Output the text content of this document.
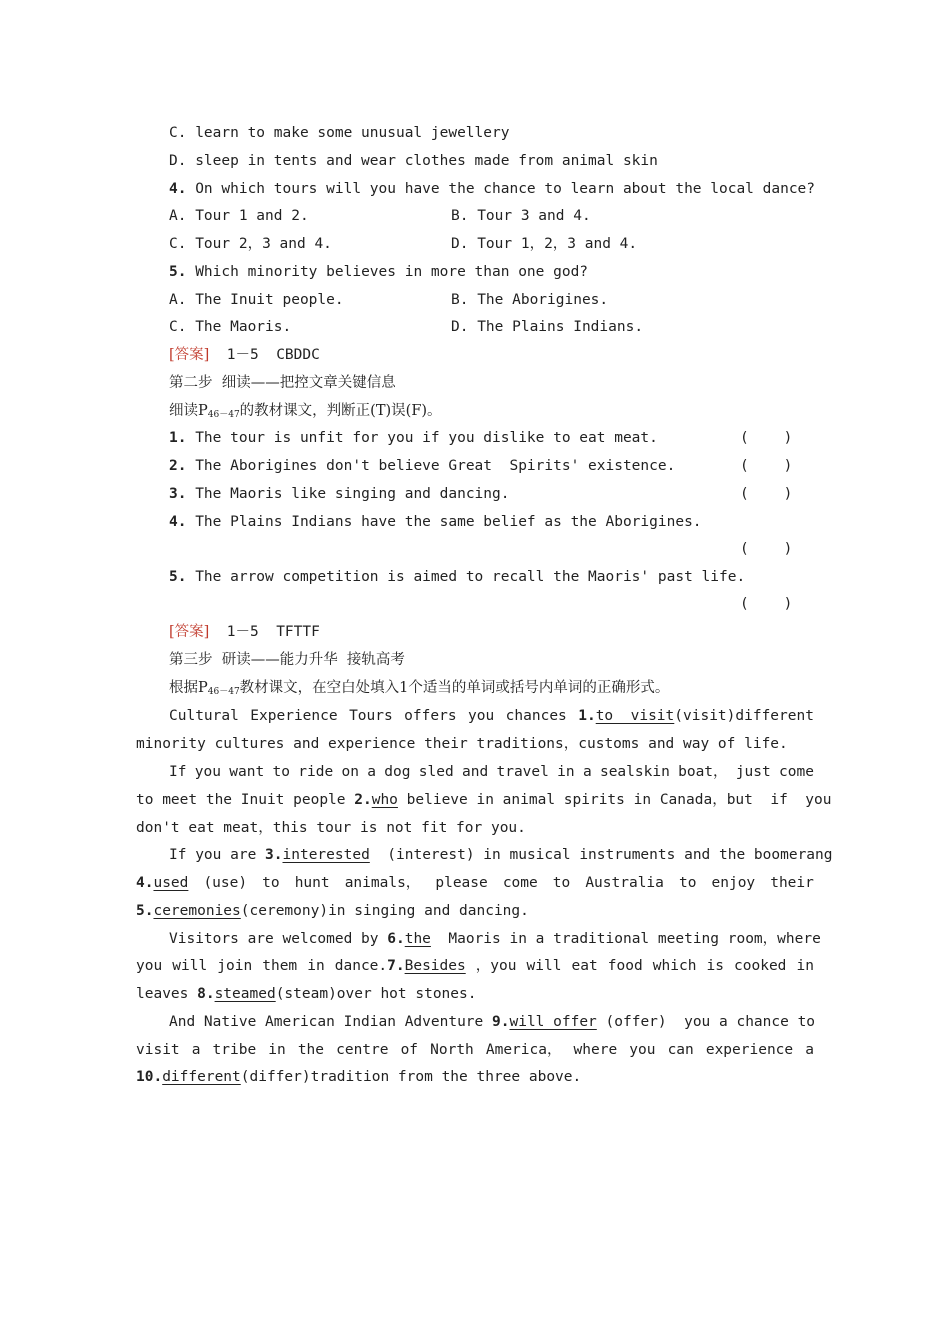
C. learn to make some unusual jewellery
D. sleep in tents and wear clothes made from animal skin
4. On which tours will you have the chance to learn about the local dance?
A. Tour 1 and 2.	B. Tour 3 and 4.
C. Tour 2，3 and 4.	D. Tour 1，2，3 and 4.
5. Which minority believes in more than one god?
A. The Inuit people.	B. The Aborigines.
C. The Maoris.	D. The Plains Indians.
[答案]  1－5  CBDDC
第二步  细读——把控文章关键信息
细读$P_{46-47}$的教材课文，判断正(T)误(F)。
1. The tour is unfit for you if you dislike to eat meat.	(    )
2. The Aborigines don't believe Great  Spirits' existence.	(    )
3. The Maoris like singing and dancing.	(    )
4. The Plains Indians have the same belief as the Aborigines.
(    )
5. The arrow competition is aimed to recall the Maoris' past life.
(    )
[答案]  1－5  TFTTF
第三步  研读——能力升华  接轨高考
根据$P_{46-47}$教材课文，在空白处填入1个适当的单词或括号内单词的正确形式。
Cultural Experience Tours offers you chances 1.to  visit(visit)different
minority cultures and experience their traditions，customs and way of life.
If you want to ride on a dog sled and travel in a sealskin boat， just come
to meet the Inuit people 2.who believe in animal spirits in Canada，but  if  you
don't eat meat，this tour is not fit for you.
If you are 3.interested  (interest) in musical instruments and the boomerang
4.used (use) to hunt animals， please come to Australia to enjoy their
5.ceremonies(ceremony)in singing and dancing.
Visitors are welcomed by 6.the  Maoris in a traditional meeting room，where
you will join them in dance.7.Besides ，you will eat food which is cooked in
leaves 8.steamed(steam)over hot stones.
And Native American Indian Adventure 9.will offer (offer)  you a chance to
visit a tribe in the centre of North America， where you can experience a
10.different(differ)tradition from the three above.
